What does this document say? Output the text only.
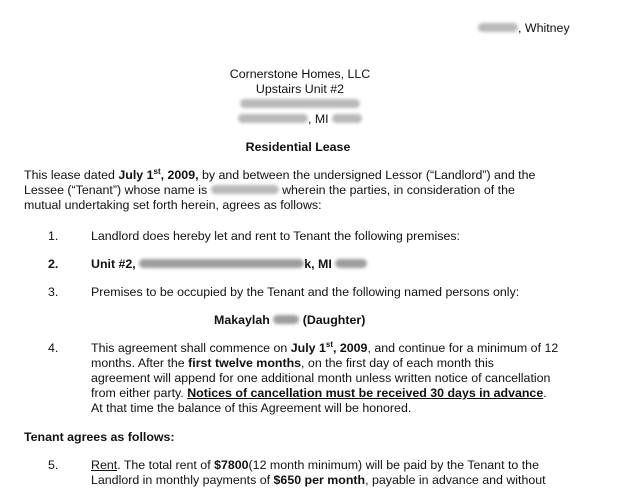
, Whitney
Cornerstone Homes, LLC
Upstairs Unit #2
, MI
Residential Lease
This lease dated July 1st, 2009, by and between the undersigned Lessor (“Landlord”) and the
Lessee (“Tenant”) whose name is	wherein the parties, in consideration of the
mutual undertaking set forth herein, agrees as follows:
1.	Landlord does hereby let and rent to Tenant the following premises:
2.	Unit #2,	k, MI
3.	Premises to be occupied by the Tenant and the following named persons only:
Makaylah	(Daughter)
4.	This agreement shall commence on July 1st, 2009, and continue for a minimum of 12
months. After the first twelve months, on the first day of each month this
agreement will append for one additional month unless written notice of cancellation
from either party. Notices of cancellation must be received 30 days in advance.
At that time the balance of this Agreement will be honored.
Tenant agrees as follows:
5.	Rent. The total rent of $7800(12 month minimum) will be paid by the Tenant to the
Landlord in monthly payments of $650 per month, payable in advance and without
